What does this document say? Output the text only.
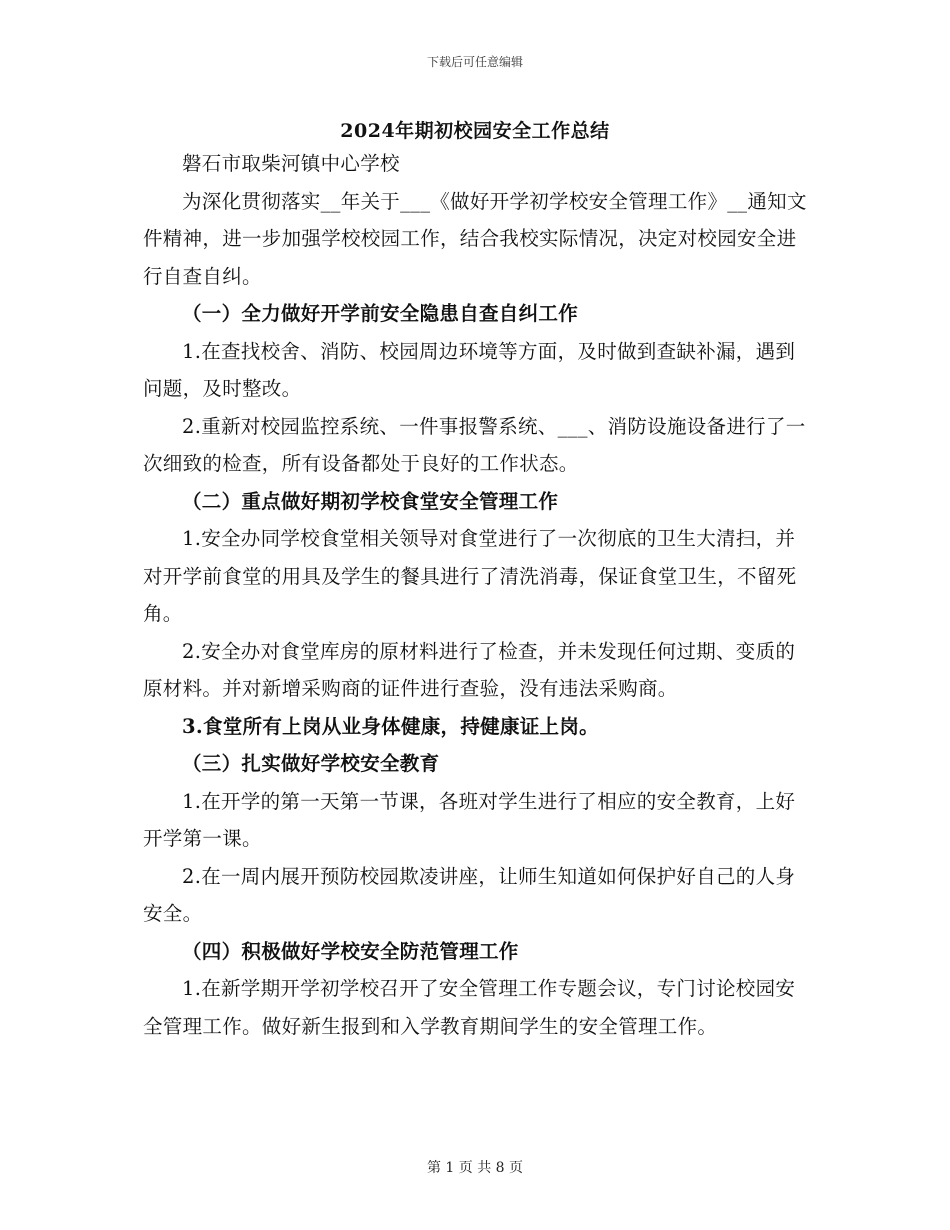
下载后可任意编辑
2024年期初校园安全工作总结

磐石市取柴河镇中心学校

为深化贯彻落实__年关于___《做好开学初学校安全管理工作》__通知文件精神，进一步加强学校校园工作，结合我校实际情况，决定对校园安全进行自查自纠。

（一）全力做好开学前安全隐患自查自纠工作

1.在查找校舍、消防、校园周边环境等方面，及时做到查缺补漏，遇到问题，及时整改。

2.重新对校园监控系统、一件事报警系统、___、消防设施设备进行了一次细致的检查，所有设备都处于良好的工作状态。

（二）重点做好期初学校食堂安全管理工作

1.安全办同学校食堂相关领导对食堂进行了一次彻底的卫生大清扫，并对开学前食堂的用具及学生的餐具进行了清洗消毒，保证食堂卫生，不留死角。

2.安全办对食堂库房的原材料进行了检查，并未发现任何过期、变质的原材料。并对新增采购商的证件进行查验，没有违法采购商。

3.食堂所有上岗从业身体健康，持健康证上岗。

（三）扎实做好学校安全教育

1.在开学的第一天第一节课，各班对学生进行了相应的安全教育，上好开学第一课。

2.在一周内展开预防校园欺凌讲座，让师生知道如何保护好自己的人身安全。

（四）积极做好学校安全防范管理工作

1.在新学期开学初学校召开了安全管理工作专题会议，专门讨论校园安全管理工作。做好新生报到和入学教育期间学生的安全管理工作。

第 1 页 共 8 页
